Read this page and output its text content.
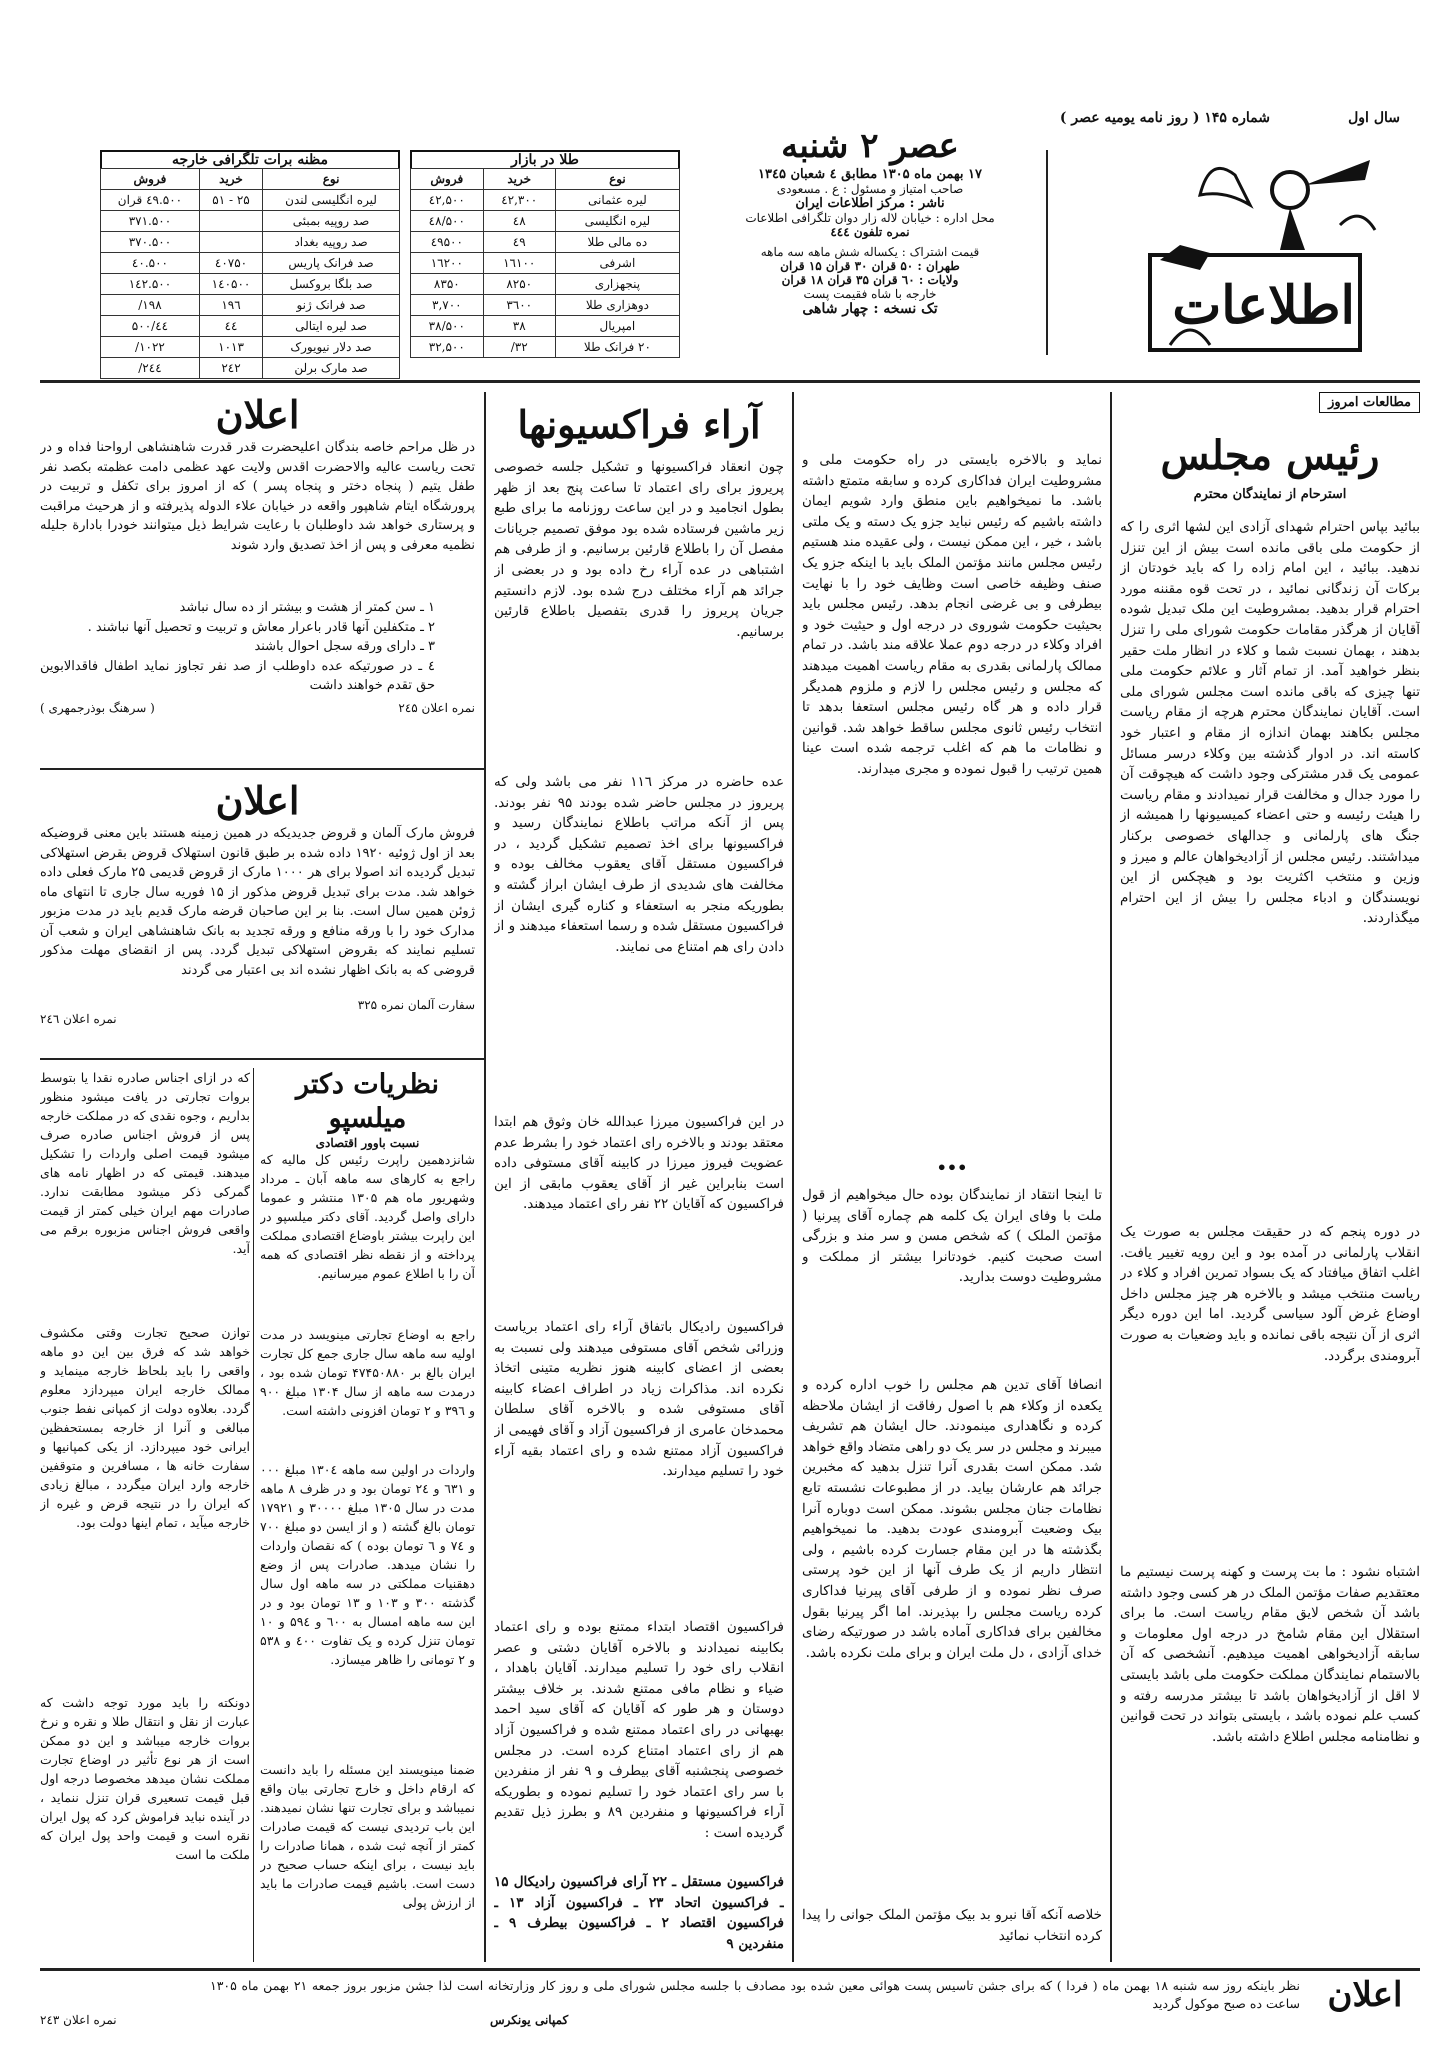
سال اول
شماره ۱۴۵ ( روز نامه یومیه عصر )
اطلاعات
عصر ۲ شنبه
۱۷ بهمن ماه ۱۳۰۵ مطابق ٤ شعبان ۱۳٤۵
صاحب امتیاز و مسئول : ع . مسعودی
ناشر : مرکز اطلاعات ایران
محل اداره : خیابان لاله زار دوان تلگرافی اطلاعات
نمره تلفون ٤٤٤
قیمت اشتراک : یکساله شش ماهه سه ماهه
طهران : ۵۰ قران ۳۰ قران ۱۵ قران
ولایات : ٦۰ قران ۳۵ قران ۱۸ قران
خارجه با شاه فقیمت پست
تک نسخه : چهار شاهی
طلا در بازار
نوع	خرید	فروش
لیره عثمانی	٤۲,۳۰۰	٤۲,۵۰۰
لیره انگلیسی	٤۸	٤۸/۵۰۰
ده مالی طلا	٤۹	٤۹۵۰۰
اشرفی	۱٦۱۰۰	۱٦۲۰۰
پنجهزاری	۸۲۵۰	۸۳۵۰
دوهزاری طلا	۳٦۰۰	۳,۷۰۰
امپریال	۳۸	۳۸/۵۰۰
۲۰ فرانک طلا	۳۲/	۳۲,۵۰۰
مظنه برات تلگرافی خارجه
نوع	خرید	فروش
لیره انگلیسی لندن	۲۵ - ۵۱	٤۹.۵۰۰ قران
صد روپیه بمبئی		۳۷۱.۵۰۰
صد روپیه بغداد		۳۷۰.۵۰۰
صد فرانک پاریس	٤۰۷۵۰	٤۰.۵۰۰
صد بلگا بروکسل	۱٤۰۵۰۰	۱٤۲.۵۰۰
صد فرانک ژنو	۱۹٦	۱۹۸/
صد لیره ایتالی	٤٤	٤٤/۵۰۰
صد دلار نیویورک	۱۰۱۳	۱۰۲۲/
صد مارک برلن	۲٤۲	۲٤٤/
مطالعات امروز
رئیس مجلس
استرحام از نمایندگان محترم
ببائید بپاس احترام شهدای آزادی این لشها اثری را که از حکومت ملی باقی مانده است بیش از این تنزل ندهید. ببائید ، این امام زاده را که باید خودتان از برکات آن زندگانی نمائید ، در تحت قوه مقننه مورد احترام قرار بدهید. بمشروطیت این ملک تبدیل شوده آقایان از هرگذر مقامات حکومت شورای ملی را تنزل بدهند ، بهمان نسبت شما و کلاء در انظار ملت حقیر بنظر خواهید آمد. از تمام آثار و علائم حکومت ملی تنها چیزی که باقی مانده است مجلس شورای ملی است. آقایان نمایندگان محترم هرچه از مقام ریاست مجلس بکاهند بهمان اندازه از مقام و اعتبار خود کاسته اند. در ادوار گذشته بین وکلاء درسر مسائل عمومی یک قدر مشترکی وجود داشت که هیچوقت آن را مورد جدال و مخالفت قرار نمیدادند و مقام ریاست را هیئت رئیسه و حتی اعضاء کمیسیونها را همیشه از جنگ های پارلمانی و جدالهای خصوصی برکنار میداشتند. رئیس مجلس از آزادیخواهان عالم و میرز و وزین و منتخب اکثریت بود و هیچکس از این نویسندگان و ادباء مجلس را بیش از این احترام میگذاردند.
در دوره پنجم که در حقیقت مجلس به صورت یک انقلاب پارلمانی در آمده بود و این رویه تغییر یافت. اغلب اتفاق میافتاد که یک بسواد تمرین افراد و کلاء در ریاست منتخب میشد و بالاخره هر چیز مجلس داخل اوضاع غرض آلود سیاسی گردید. اما این دوره دیگر اثری از آن نتیجه باقی نمانده و باید وضعیات به صورت آبرومندی برگردد.
اشتباه نشود : ما بت پرست و کهنه پرست نیستیم ما معتقدیم صفات مؤتمن الملک در هر کسی وجود داشته باشد آن شخص لایق مقام ریاست است. ما برای استقلال این مقام شامخ در درجه اول معلومات و سابقه آزادیخواهی اهمیت میدهیم. آنشخصی که آن بالاستمام نمایندگان مملکت حکومت ملی باشد بایستی لا اقل از آزادیخواهان باشد تا بیشتر مدرسه رفته و کسب علم نموده باشد ، بایستی بتواند در تحت قوانین و نظامنامه مجلس اطلاع داشته باشد.
نماید و بالاخره بایستی در راه حکومت ملی و مشروطیت ایران فداکاری کرده و سابقه متمتع داشته باشد. ما نمیخواهیم باین منطق وارد شویم ایمان داشته باشیم که رئیس نباید جزو یک دسته و یک ملتی باشد ، خیر ، این ممکن نیست ، ولی عقیده مند هستیم رئیس مجلس مانند مؤتمن الملک باید با اینکه جزو یک صنف وظیفه خاصی است وظایف خود را با نهایت بیطرفی و بی غرضی انجام بدهد. رئیس مجلس باید بحیثیت حکومت شوروی در درجه اول و حیثیت خود و افراد وکلاء در درجه دوم عملا علاقه مند باشد. در تمام ممالک پارلمانی بقدری به مقام ریاست اهمیت میدهند که مجلس و رئیس مجلس را لازم و ملزوم همدیگر قرار داده و هر گاه رئیس مجلس استعفا بدهد تا انتخاب رئیس ثانوی مجلس ساقط خواهد شد. قوانین و نظامات ما هم که اغلب ترجمه شده است عینا همین ترتیب را قبول نموده و مجری میدارند.
•••
تا اینجا انتقاد از نمایندگان بوده حال میخواهیم از قول ملت با وفای ایران یک کلمه هم چماره آقای پیرنیا ( مؤتمن الملک ) که شخص مسن و سر مند و بزرگی است صحبت کنیم. خودتانرا بیشتر از مملکت و مشروطیت دوست بدارید.
انصافا آقای تدین هم مجلس را خوب اداره کرده و یکعده از وکلاء هم با اصول رفاقت از ایشان ملاحظه کرده و نگاهداری مینمودند. حال ایشان هم تشریف میبرند و مجلس در سر یک دو راهی متضاد واقع خواهد شد. ممکن است بقدری آنرا تنزل بدهید که مخبرین جرائد هم عارشان بیاید. در از مطبوعات نشسته تابع نظامات جنان مجلس بشوند. ممکن است دوباره آنرا بیک وضعیت آبرومندی عودت بدهید. ما نمیخواهیم بگذشته ها در این مقام جسارت کرده باشیم ، ولی انتظار داریم از یک طرف آنها از این خود پرستی صرف نظر نموده و از طرفی آقای پیرنیا فداکاری کرده ریاست مجلس را بپذیرند. اما اگر پیرنیا بقول مخالفین برای فداکاری آماده باشد در صورتیکه رضای خدای آزادی ، دل ملت ایران و برای ملت نکرده باشد.
خلاصه آنکه آقا نبرو بد بیک مؤتمن الملک جوانی را پیدا کرده انتخاب نمائید
آراء فراکسیونها
چون انعقاد فراکسیونها و تشکیل جلسه خصوصی پریروز برای رای اعتماد تا ساعت پنج بعد از ظهر بطول انجامید و در این ساعت روزنامه ما برای طبع زیر ماشین فرستاده شده بود موفق تصمیم جریانات مفصل آن را باطلاع قارئین برسانیم. و از طرفی هم اشتباهی در عده آراء رخ داده بود و در بعضی از جرائد هم آراء مختلف درج شده بود. لازم دانستیم جریان پریروز را قدری بتفصیل باطلاع قارئین برسانیم.
عده حاضره در مرکز ۱۱٦ نفر می باشد ولی که پریروز در مجلس حاضر شده بودند ۹۵ نفر بودند. پس از آنکه مراتب باطلاع نمایندگان رسید و فراکسیونها برای اخذ تصمیم تشکیل گردید ، در فراکسیون مستقل آقای یعقوب مخالف بوده و مخالفت های شدیدی از طرف ایشان ابراز گشته و بطوریکه منجر به استعفاء و کناره گیری ایشان از فراکسیون مستقل شده و رسما استعفاء میدهند و از دادن رای هم امتناع می نمایند.
در این فراکسیون میرزا عبدالله خان وثوق هم ابتدا معتقد بودند و بالاخره رای اعتماد خود را بشرط عدم عضویت فیروز میرزا در کابینه آقای مستوفی داده است بنابراین غیر از آقای یعقوب مابقی از این فراکسیون که آقایان ۲۲ نفر رای اعتماد میدهند.
فراکسیون رادیکال باتفاق آراء رای اعتماد بریاست وزرائی شخص آقای مستوفی میدهند ولی نسبت به بعضی از اعضای کابینه هنوز نظریه متینی اتخاذ نکرده اند. مذاکرات زیاد در اطراف اعضاء کابینه آقای مستوفی شده و بالاخره آقای سلطان محمدخان عامری از فراکسیون آزاد و آقای فهیمی از فراکسیون آزاد ممتنع شده و رای اعتماد بقیه آراء خود را تسلیم میدارند.
فراکسیون اقتصاد ابتداء ممتنع بوده و رای اعتماد بکابینه نمیدادند و بالاخره آقایان دشتی و عصر انقلاب رای خود را تسلیم میدارند. آقایان باهداد ، ضیاء و نظام مافی ممتنع شدند. بر خلاف بیشتر دوستان و هر طور که آقایان که آقای سید احمد بهبهانی در رای اعتماد ممتنع شده و فراکسیون آزاد هم از رای اعتماد امتناع کرده است. در مجلس خصوصی پنجشنبه آقای بیطرف و ۹ نفر از منفردین با سر رای اعتماد خود را تسلیم نموده و بطوریکه آراء فراکسیونها و منفردین ۸۹ و بطرز ذیل تقدیم گردیده است :
فراکسیون مستقل ـ ۲۲ آرای فراکسیون رادیکال ۱۵ ـ فراکسیون اتحاد ۲۳ ـ فراکسیون آزاد ۱۳ ـ فراکسیون اقتصاد ۲ ـ فراکسیون بیطرف ۹ ـ منفردین ۹
اعلان
در ظل مراحم خاصه بندگان اعلیحضرت قدر قدرت شاهنشاهی ارواحنا فداه و در تحت ریاست عالیه والاحضرت اقدس ولایت عهد عظمی دامت عظمته بکصد نفر طفل یتیم ( پنجاه دختر و پنجاه پسر ) که از امروز برای تکفل و تربیت در پرورشگاه ایتام شاهپور واقعه در خیابان علاء الدوله پذیرفته و از هرحیث مراقبت و پرستاری خواهد شد داوطلبان با رعایت شرایط ذیل میتوانند خودرا بادارة جلیله نظمیه معرفی و پس از اخذ تصدیق وارد شوند
۱ ـ سن کمتر از هشت و بیشتر از ده سال نباشد
۲ ـ متکفلین آنها قادر باعرار معاش و تربیت و تحصیل آنها نباشند .
۳ ـ دارای ورقه سجل احوال باشند
٤ ـ در صورتیکه عده داوطلب از صد نفر تجاوز نماید اطفال فاقدالابوین حق تقدم خواهند داشت
نمره اعلان ۲٤۵
( سرهنگ بوذرجمهری )
اعلان
فروش مارک آلمان و قروض جدیدیکه در همین زمینه هستند باین معنی قروضیکه بعد از اول ژوئیه ۱۹۲۰ داده شده بر طبق قانون استهلاک قروض بقرض استهلاکی تبدیل گردیده اند اصولا برای هر ۱۰۰۰ مارک از قروض قدیمی ۲۵ مارک فعلی داده خواهد شد. مدت برای تبدیل قروض مذکور از ۱۵ فوریه سال جاری تا انتهای ماه ژوئن همین سال است. بنا بر این صاحبان قرضه مارک قدیم باید در مدت مزبور مدارک خود را با ورقه منافع و ورقه تجدید به بانک شاهنشاهی ایران و شعب آن تسلیم نمایند که بقروض استهلاکی تبدیل گردد. پس از انقضای مهلت مذکور قروضی که به بانک اظهار نشده اند بی اعتبار می گردند
سفارت آلمان نمره ۳۲۵
نمره اعلان ۲٤٦
نظریات دکتر میلسپو
نسبت باوور اقتصادی
شانزدهمین راپرت رئیس کل مالیه که راجع به کارهای سه ماهه آبان ـ مرداد وشهریور ماه هم ۱۳۰۵ منتشر و عموما دارای واصل گردید. آقای دکتر میلسپو در این راپرت بیشتر باوضاع اقتصادی مملکت پرداخته و از نقطه نظر اقتصادی که همه آن را با اطلاع عموم میرسانیم.
راجع به اوضاع تجارتی مینویسد در مدت اولیه سه ماهه سال جاری جمع کل تجارت ایران بالغ بر ۴۷۴۵۰۸۸۰ تومان شده بود ، درمدت سه ماهه از سال ۱۳۰۴ مبلغ ۹۰۰ و ۳۹٦ و ۲ تومان افزونی داشته است.
واردات در اولین سه ماهه ۱۳۰٤ مبلغ ۰۰۰ و ٦۳۱ و ۲٤ تومان بود و در ظرف ۸ ماهه مدت در سال ۱۳۰۵ مبلغ ۳۰۰۰۰ و ۱۷۹۲۱ تومان بالغ گشته ( و از ایسن دو مبلغ ۷۰۰ و ۷٤ و ٦ تومان بوده ) که نقصان واردات را نشان میدهد. صادرات پس از وضع دهقنیات مملکتی در سه ماهه اول سال گذشته ۳۰۰ و ۱۰۳ و ۱۳ تومان بود و در این سه ماهه امسال به ٦۰۰ و ۵۹٤ و ۱۰ تومان تنزل کرده و یک تفاوت ٤۰۰ و ۵۳۸ و ۲ تومانی را ظاهر میسازد.
ضمنا مینویسند این مسئله را باید دانست که ارقام داخل و خارج تجارتی بیان واقع نمیباشد و برای تجارت تنها نشان نمیدهند. این باب تردیدی نیست که قیمت صادرات کمتر از آنچه ثبت شده ، همانا صادرات را باید نیست ، برای اینکه حساب صحیح در دست است. باشیم قیمت صادرات ما باید از ارزش پولی
که در ازای اجناس صادره نقدا یا بتوسط بروات تجارتی در یافت میشود منظور بداریم ، وجوه نقدی که در مملکت خارجه پس از فروش اجناس صادره صرف میشود قیمت اصلی واردات را تشکیل میدهند. قیمتی که در اظهار نامه های گمرکی ذکر میشود مطابقت ندارد. صادرات مهم ایران خیلی کمتر از قیمت واقعی فروش اجناس مزبوره برقم می آید.
توازن صحیح تجارت وقتی مکشوف خواهد شد که فرق بین این دو ماهه واقعی را باید بلحاظ خارجه مینماید و ممالک خارجه ایران میپردازد معلوم گردد. بعلاوه دولت از کمپانی نفط جنوب مبالغی و آنرا از خارجه بمستحفظین ایرانی خود میپردازد. از یکی کمپانیها و سفارت خانه ها ، مسافرین و متوقفین خارجه وارد ایران میگردد ، مبالغ زیادی که ایران را در نتیجه قرض و غیره از خارجه میآید ، تمام اینها دولت بود.
دونکته را باید مورد توجه داشت که عبارت از نقل و انتقال طلا و نقره و نرخ بروات خارجه میباشد و این دو ممکن است از هر نوع تأثیر در اوضاع تجارت مملکت نشان میدهد مخصوصا درجه اول قبل قیمت تسعیری قران تنزل ننماید ، در آینده نباید فراموش کرد که پول ایران نقره است و قیمت واحد پول ایران که ملکت ما است
اعلان
نظر باینکه روز سه شنبه ۱۸ بهمن ماه ( فردا ) که برای جشن تاسیس پست هوائی معین شده بود مصادف با جلسه مجلس شورای ملی و روز کار وزارتخانه است لذا جشن مزبور بروز جمعه ۲۱ بهمن ماه ۱۳۰۵ ساعت ده صبح موکول گردید
کمپانی یونکرس
نمره اعلان ۲٤۳
